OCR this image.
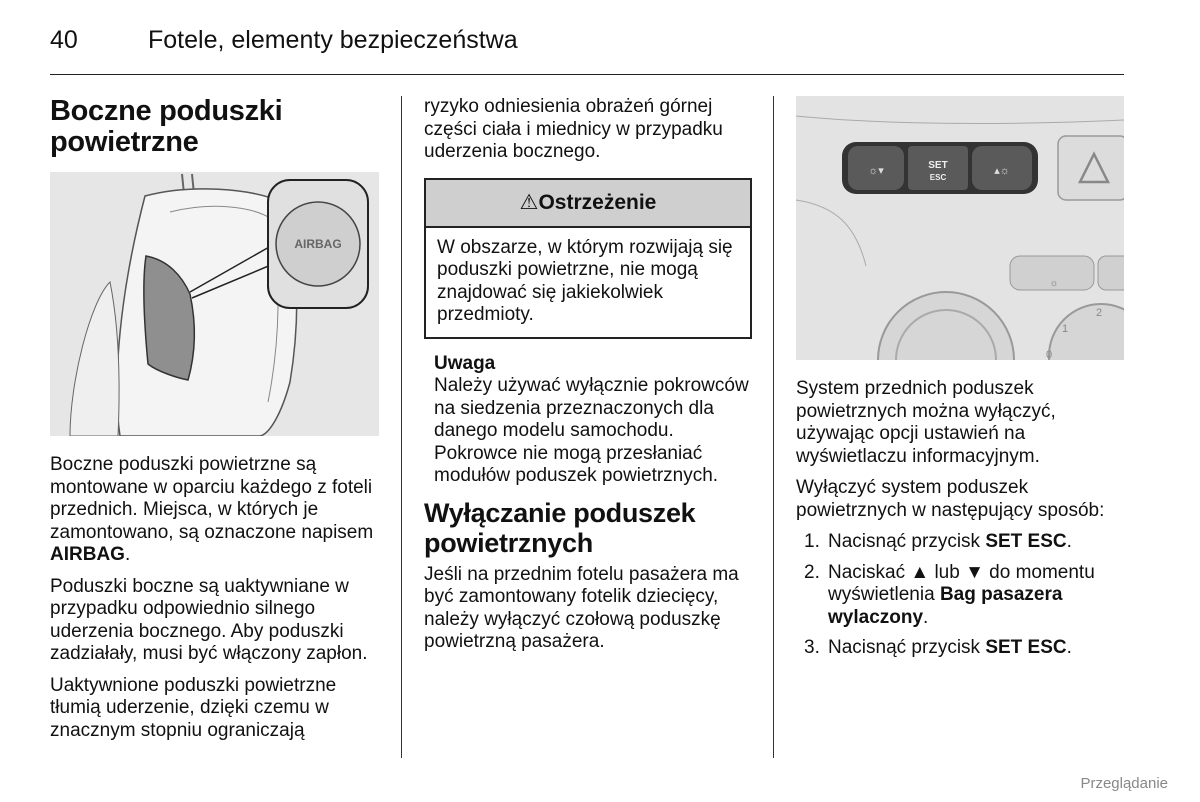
40	Fotele, elementy bezpieczeństwa
Boczne poduszki powietrzne
AIRBAG

Boczne poduszki powietrzne są montowane w oparciu każdego z foteli przednich. Miejsca, w których je zamontowano, są oznaczone napisem AIRBAG.

Poduszki boczne są uaktywniane w przypadku odpowiednio silnego uderzenia bocznego. Aby poduszki zadziałały, musi być włączony zapłon.

Uaktywnione poduszki powietrzne tłumią uderzenie, dzięki czemu w znacznym stopniu ograniczają

ryzyko odniesienia obrażeń górnej części ciała i miednicy w przypadku uderzenia bocznego.

⚠Ostrzeżenie
W obszarze, w którym rozwijają się poduszki powietrzne, nie mogą znajdować się jakiekolwiek przedmioty.
Uwaga
Należy używać wyłącznie pokrowców na siedzenia przeznaczonych dla danego modelu samochodu. Pokrowce nie mogą przesłaniać modułów poduszek powietrznych.
Wyłączanie poduszek powietrznych

Jeśli na przednim fotelu pasażera ma być zamontowany fotelik dziecięcy, należy wyłączyć czołową poduszkę powietrzną pasażera.

☼▾	SET
ESC
▴☼
☼
1
2
0

System przednich poduszek powietrznych można wyłączyć, używając opcji ustawień na wyświetlaczu informacyjnym.

Wyłączyć system poduszek powietrznych w następujący sposób:

1. Nacisnąć przycisk SET ESC.
2. Naciskać ▲ lub ▼ do momentu wyświetlenia Bag pasazera wylaczony.
3. Nacisnąć przycisk SET ESC.
Przeglądanie
